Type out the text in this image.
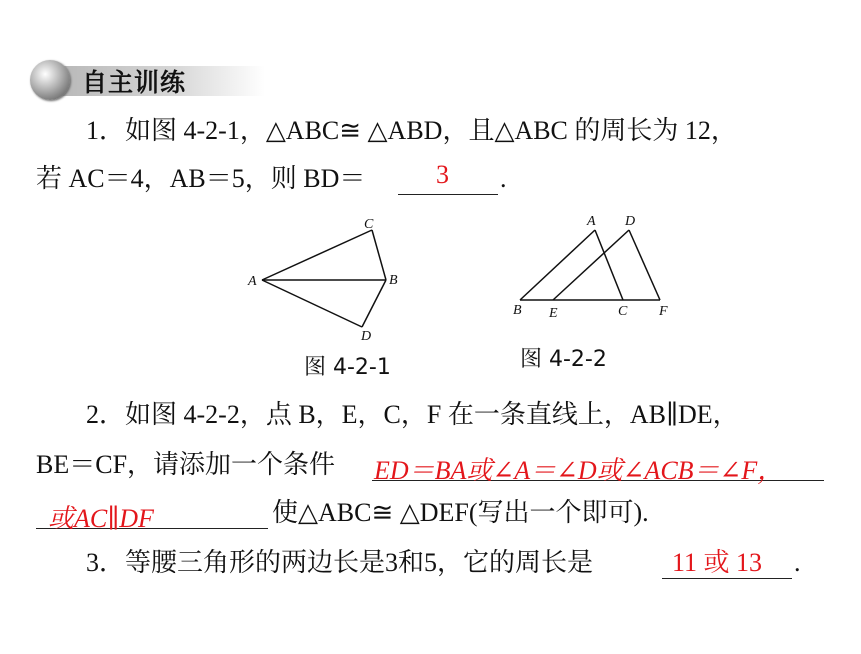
自主训练
1．如图 4-2-1，△ABC≅ △ABD，且△ABC 的周长为 12，
若 AC＝4，AB＝5，则 BD＝	3 .
A	B
C
D
图 4-2-1
A D
B E	C F
图 4-2-2
2．如图 4-2-2，点 B，E，C，F 在一条直线上，AB∥DE，
BE＝CF，请添加一个条件 ED＝BA或∠A＝∠D或∠ACB＝∠F，
或AC∥DF	使△ABC≅ △DEF(写出一个即可).
3．等腰三角形的两边长是3和5，它的周长是	11 或 13 .
